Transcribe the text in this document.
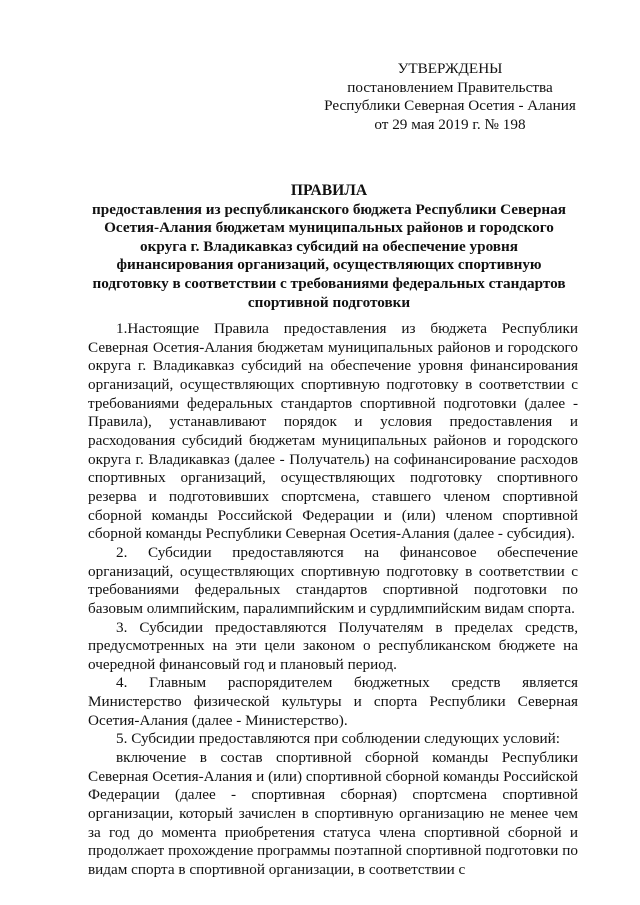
УТВЕРЖДЕНЫ
постановлением Правительства
Республики Северная Осетия - Алания
от 29 мая 2019 г. № 198
ПРАВИЛА
предоставления из республиканского бюджета Республики Северная Осетия-Алания бюджетам муниципальных районов и городского округа г. Владикавказ субсидий на обеспечение уровня финансирования организаций, осуществляющих спортивную подготовку в соответствии с требованиями федеральных стандартов спортивной подготовки

1.Настоящие Правила предоставления из бюджета Республики Северная Осетия-Алания бюджетам муниципальных районов и городского округа г. Владикавказ субсидий на обеспечение уровня финансирования организаций, осуществляющих спортивную подготовку в соответствии с требованиями федеральных стандартов спортивной подготовки (далее - Правила), устанавливают порядок и условия предоставления и расходования субсидий бюджетам муниципальных районов и городского округа г. Владикавказ (далее - Получатель) на софинансирование расходов спортивных организаций, осуществляющих подготовку спортивного резерва и подготовивших спортсмена, ставшего членом спортивной сборной команды Российской Федерации и (или) членом спортивной сборной команды Республики Северная Осетия-Алания (далее - субсидия).

2. Субсидии предоставляются на финансовое обеспечение организаций, осуществляющих спортивную подготовку в соответствии с требованиями федеральных стандартов спортивной подготовки по базовым олимпийским, паралимпийским и сурдлимпийским видам спорта.

3. Субсидии предоставляются Получателям в пределах средств, предусмотренных на эти цели законом о республиканском бюджете на очередной финансовый год и плановый период.

4. Главным распорядителем бюджетных средств является Министерство физической культуры и спорта Республики Северная Осетия-Алания (далее - Министерство).

5. Субсидии предоставляются при соблюдении следующих условий:

включение в состав спортивной сборной команды Республики Северная Осетия-Алания и (или) спортивной сборной команды Российской Федерации (далее - спортивная сборная) спортсмена спортивной организации, который зачислен в спортивную организацию не менее чем за год до момента приобретения статуса члена спортивной сборной и продолжает прохождение программы поэтапной спортивной подготовки по видам спорта в спортивной организации, в соответствии с
